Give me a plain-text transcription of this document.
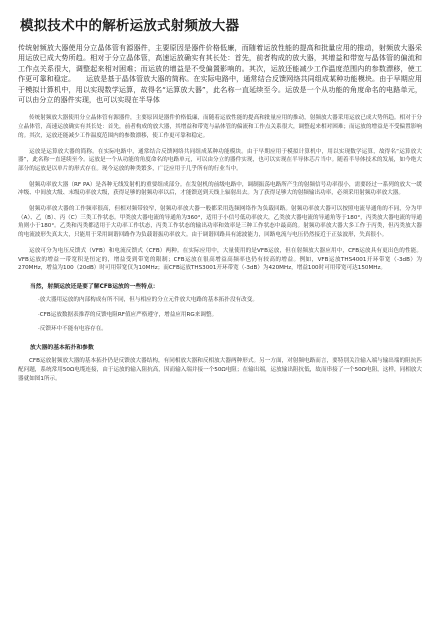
模拟技术中的解析运放式射频放大器

传统射频放大器使用分立晶体管有源器件，主要原因是器件价格低廉，而随着运放性能的提高和批量应用的推动，射频放大器采用运放已成大势所趋。相对于分立晶体管，高速运放确实有其长处：首先，前者构成的放大器，其增益和带宽与晶体管的偏流和工作点关系很大，调整起来相对困难；而运放的增益是不受偏置影响的。其次，运放还能减少工作温度范围内的参数漂移，使工作更可靠和稳定。　　运放是基于晶体管放大器的简称。在实际电路中，通常结合反馈网络共同组成某种功能模块。由于早期应用于模拟计算机中，用以实现数学运算，故得名“运算放大器”，此名称一直延续至今。运放是一个从功能的角度命名的电路单元，可以由分立的器件实现，也可以实现在半导体

传统射频放大器使用分立晶体管有源器件，主要原因是器件价格低廉，而随着运放性能的提高和批量应用的推动，射频放大器采用运放已成大势所趋。相对于分立晶体管，高速运放确实有其长处：首先，前者构成的放大器，其增益和带宽与晶体管的偏流和工作点关系很大，调整起来相对困难；而运放的增益是不受偏置影响的。其次，运放还能减少工作温度范围内的参数漂移，使工作更可靠和稳定。

运放是运算放大器的简称。在实际电路中，通常结合反馈网络共同组成某种功能模块。由于早期应用于模拟计算机中，用以实现数学运算，故得名“运算放大器”，此名称一直延续至今。运放是一个从功能的角度命名的电路单元，可以由分立的器件实现，也可以实现在半导体芯片当中。随着半导体技术的发展，如今绝大部分的运放是以单片的形式存在。现今运放的种类繁多，广泛应用于几乎所有的行业当中。

射频功率放大器（RF PA）是各种无线发射机的重要组成部分。在发射机的前级电路中，调制振荡电路所产生的射频信号功率很小，需要经过一系列的放大一缓冲级、中间放大级、末级功率放大级，获得足够的射频功率以后，才能馈送到天线上辐射出去。为了获得足够大的射频输出功率，必须采用射频功率放大器。

射频功率放大器的工作频率很高，但相对频带较窄，射频功率放大器一般都采用选频网络作为负载回路。射频功率放大器可以按照电流导通角的不同，分为甲（A）、乙（B）、丙（C）三类工作状态。甲类放大器电流的导通角为360°，适用于小信号低功率放大，乙类放大器电流的导通角等于180°，丙类放大器电流的导通角则小于180°。乙类和丙类都适用于大功率工作状态，丙类工作状态的输出功率和效率是三种工作状态中最高的。射频功率放大器大多工作于丙类，但丙类放大器的电流波形失真太大，只能用于采用调谐回路作为负载谐振功率放大。由于调谐回路具有滤波能力，回路电流与电压仍然接近于正弦波形，失真很小。

运放可分为电压反馈式（VFB）和电流反馈式（CFB）两种。在实际应用中，大量使用的是VFB运放，但在射频放大器应用中，CFB运放具有更出色的性能。VFB运放的增益一带宽积是恒定的，增益受到带宽的限制；CFB运放在很高增益高频率也仍有较高的增益。例如，VFB运放THS4001开环带宽（-3dB）为270MHz，增益为100（20dB）时可用带宽仅为10MHz；而CFB运放THS3001开环带宽（-3dB）为420MHz，增益100时可用带宽可达150MHz。

当然，射频运放还是要了解CFB运放的一些特点：
·放大器用运放的内部构成有所不同，但与相应的分立元件放大电路的基本拓扑没有改变。
·CFB运放数据表推荐的反馈电阻RF值应严格遵守，增益应用RG来调整。
·反馈环中不能有电容存在。
放大器的基本拓扑和参数

CFB运放射频放大器的基本拓扑仍是反馈放大器结构，有同相放大器和反相放大器两种形式。另一方面，对射频电路而言，要特别关注输入端与输出端的阻抗匹配问题，系统常用50Ω电缆连接，由于运放的输入阻抗高，因而输入端并接一个50Ω电阻；在输出端，运放输出阻抗低，故而串接了一个50Ω电阻，这样，同相放大器就如图1所示。
